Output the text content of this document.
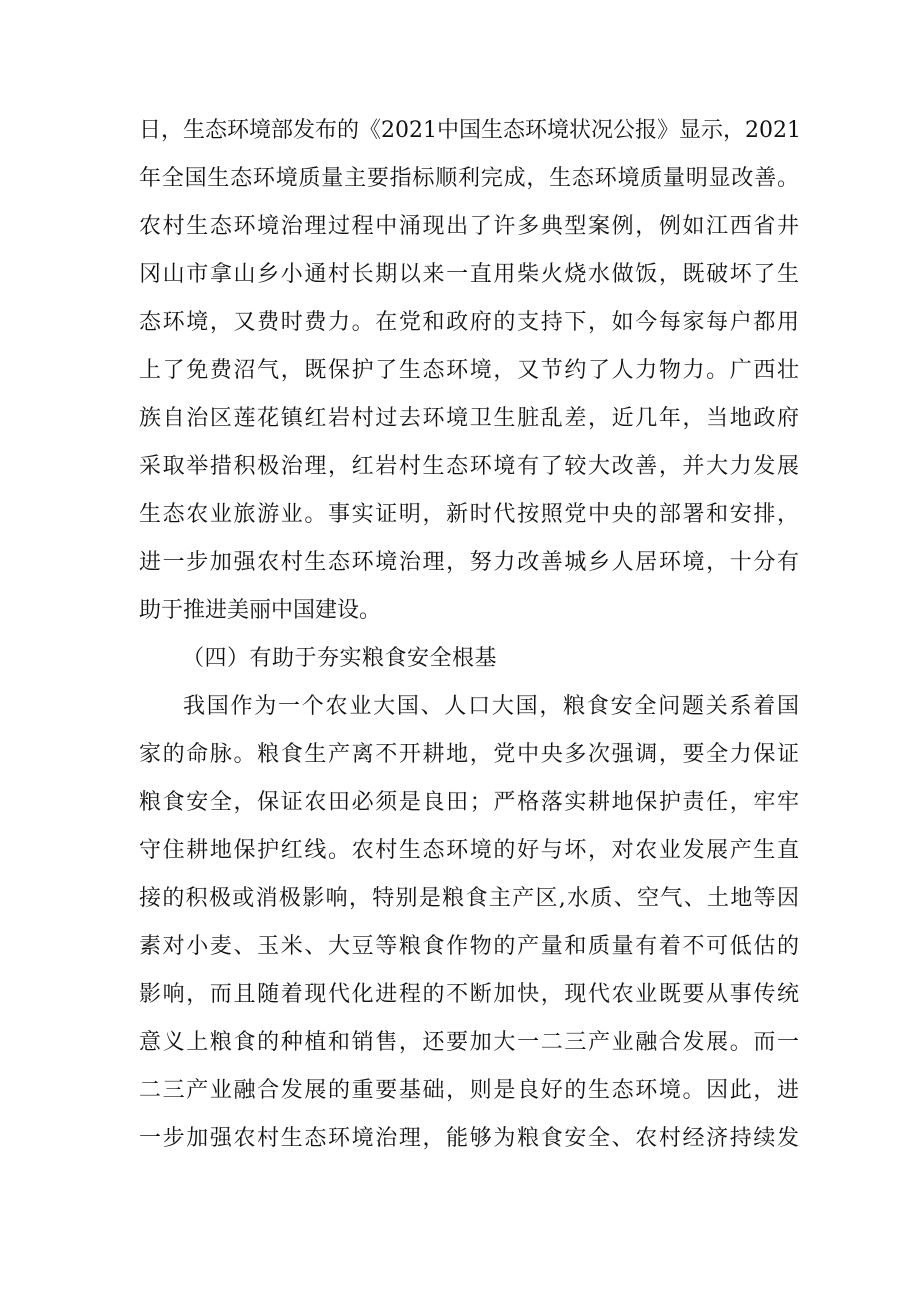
日，生态环境部发布的《2021中国生态环境状况公报》显示，2021
年全国生态环境质量主要指标顺利完成，生态环境质量明显改善。
农村生态环境治理过程中涌现出了许多典型案例，例如江西省井
冈山市拿山乡小通村长期以来一直用柴火烧水做饭，既破坏了生
态环境，又费时费力。在党和政府的支持下，如今每家每户都用
上了免费沼气，既保护了生态环境，又节约了人力物力。广西壮
族自治区莲花镇红岩村过去环境卫生脏乱差，近几年，当地政府
采取举措积极治理，红岩村生态环境有了较大改善，并大力发展
生态农业旅游业。事实证明，新时代按照党中央的部署和安排，
进一步加强农村生态环境治理，努力改善城乡人居环境，十分有
助于推进美丽中国建设。
（四）有助于夯实粮食安全根基
我国作为一个农业大国、人口大国，粮食安全问题关系着国
家的命脉。粮食生产离不开耕地，党中央多次强调，要全力保证
粮食安全，保证农田必须是良田；严格落实耕地保护责任，牢牢
守住耕地保护红线。农村生态环境的好与坏，对农业发展产生直
接的积极或消极影响，特别是粮食主产区,水质、空气、土地等因
素对小麦、玉米、大豆等粮食作物的产量和质量有着不可低估的
影响，而且随着现代化进程的不断加快，现代农业既要从事传统
意义上粮食的种植和销售，还要加大一二三产业融合发展。而一
二三产业融合发展的重要基础，则是良好的生态环境。因此，进
一步加强农村生态环境治理，能够为粮食安全、农村经济持续发
